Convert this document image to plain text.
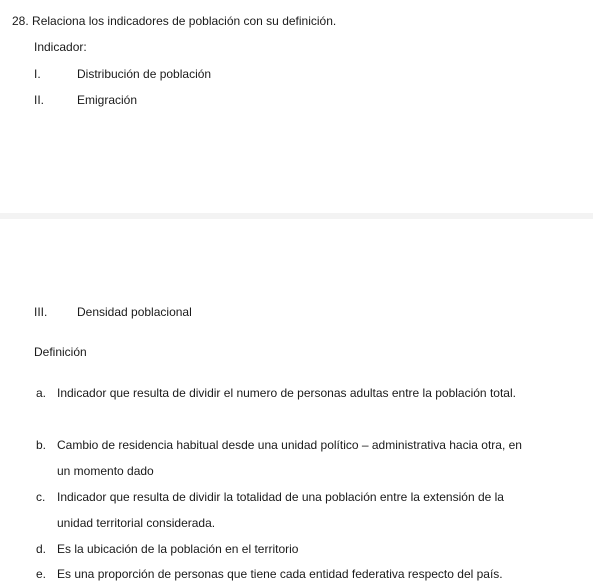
28. Relaciona los indicadores de población con su definición.
Indicador:
I.	Distribución de población
II.	Emigración
III. Densidad poblacional
Definición
a. Indicador que resulta de dividir el numero de personas adultas entre la población total.
b. Cambio de residencia habitual desde una unidad político – administrativa hacia otra, en un momento dado
c. Indicador que resulta de dividir la totalidad de una población entre la extensión de la unidad territorial considerada.
d. Es la ubicación de la población en el territorio
e. Es una proporción de personas que tiene cada entidad federativa respecto del país.
